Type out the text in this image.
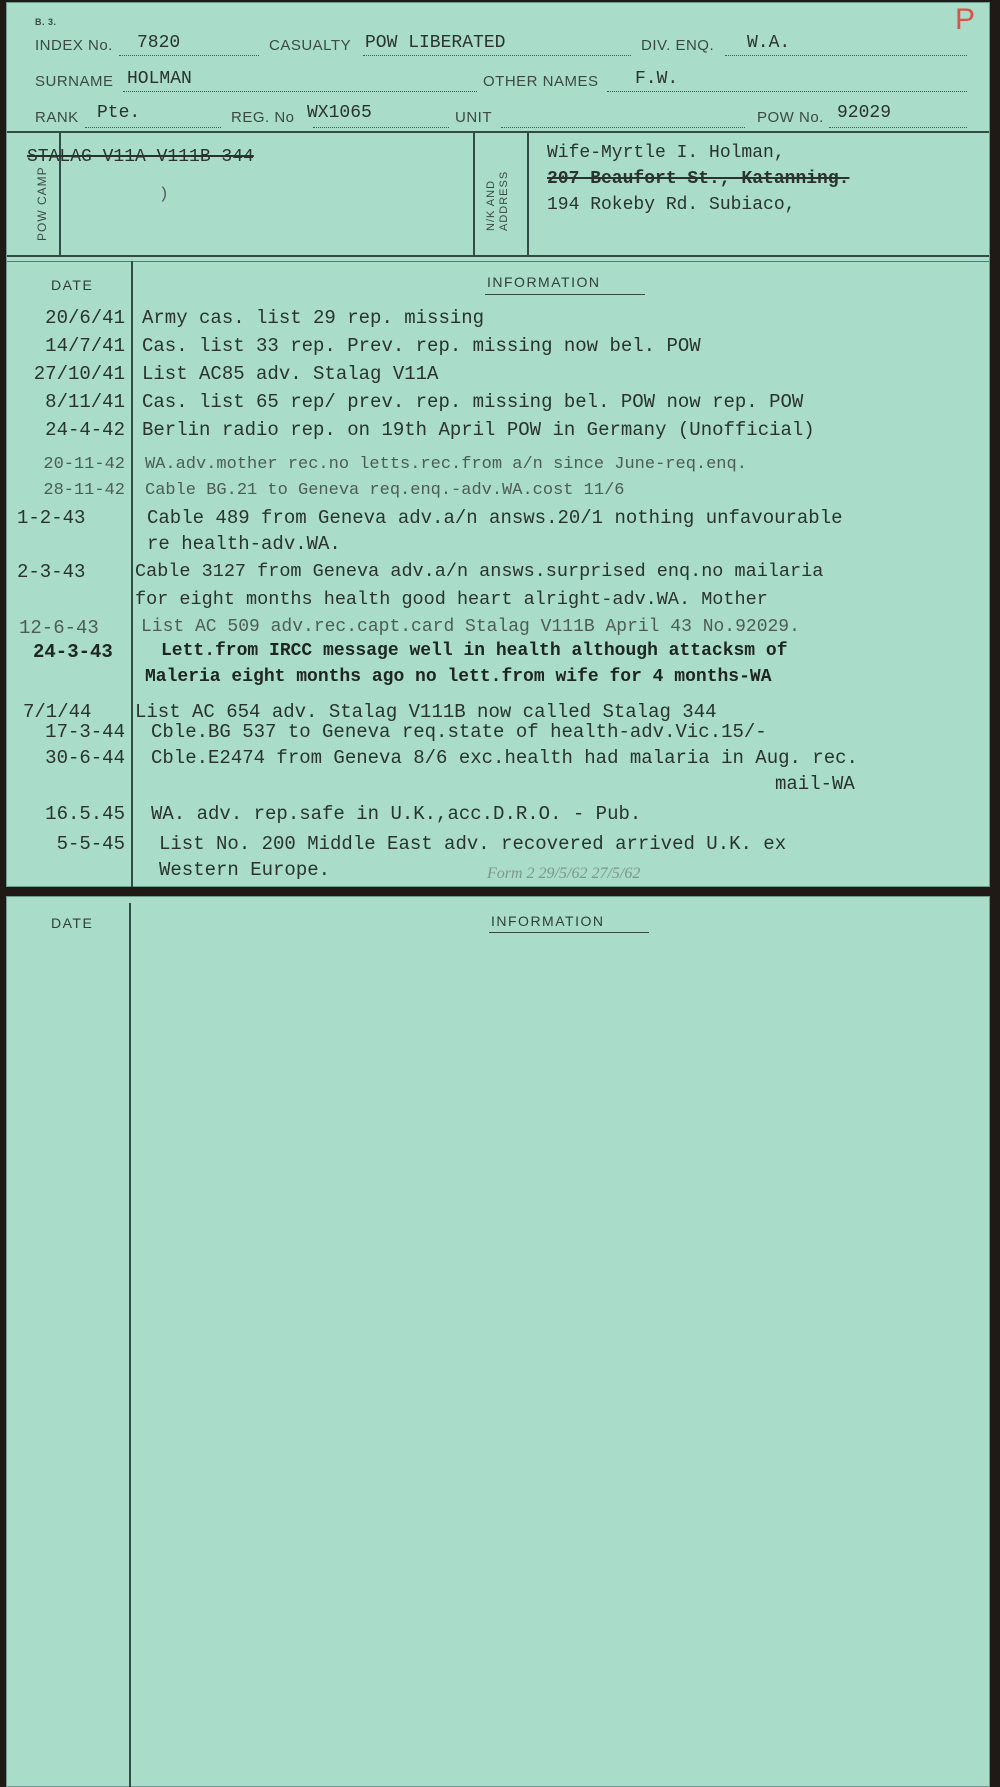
B. 3.	P
INDEX No. 7820	CASUALTY POW LIBERATED	DIV. ENQ. W.A.
SURNAME HOLMAN	OTHER NAMES F.W.
RANK Pte.	REG. No WX1065	UNIT	POW No. 92029
POW CAMP
STALAG V11A V111B 344
)	N/K AND
ADDRESS
Wife-Myrtle I. Holman,
207 Beaufort St., Katanning.
194 Rokeby Rd. Subiaco,
DATE	INFORMATION
20/6/41 Army cas. list 29 rep. missing
14/7/41 Cas. list 33 rep. Prev. rep. missing now bel. POW
27/10/41 List AC85 adv. Stalag V11A
8/11/41 Cas. list 65 rep/ prev. rep. missing bel. POW now rep. POW
24-4-42 Berlin radio rep. on 19th April POW in Germany (Unofficial)
20-11-42 WA.adv.mother rec.no letts.rec.from a/n since June-req.enq.
28-11-42 Cable BG.21 to Geneva req.enq.-adv.WA.cost 11/6
1-2-43	Cable 489 from Geneva adv.a/n answs.20/1 nothing unfavourable
re health-adv.WA.
2-3-43	Cable 3127 from Geneva adv.a/n answs.surprised enq.no mailaria
for eight months health good heart alright-adv.WA. Mother
12-6-43	List AC 509 adv.rec.capt.card Stalag V111B April 43 No.92029.
24-3-43	Lett.from IRCC message well in health although attacksm of
Maleria eight months ago no lett.from wife for 4 months-WA
7/1/44	List AC 654 adv. Stalag V111B now called Stalag 344
17-3-44 Cble.BG 537 to Geneva req.state of health-adv.Vic.15/-
30-6-44 Cble.E2474 from Geneva 8/6 exc.health had malaria in Aug. rec.
mail-WA
16.5.45 WA. adv. rep.safe in U.K.,acc.D.R.O. - Pub.
5-5-45 List No. 200 Middle East adv. recovered arrived U.K. ex
Western Europe.	Form 2 29/5/62 27/5/62
DATE	INFORMATION
